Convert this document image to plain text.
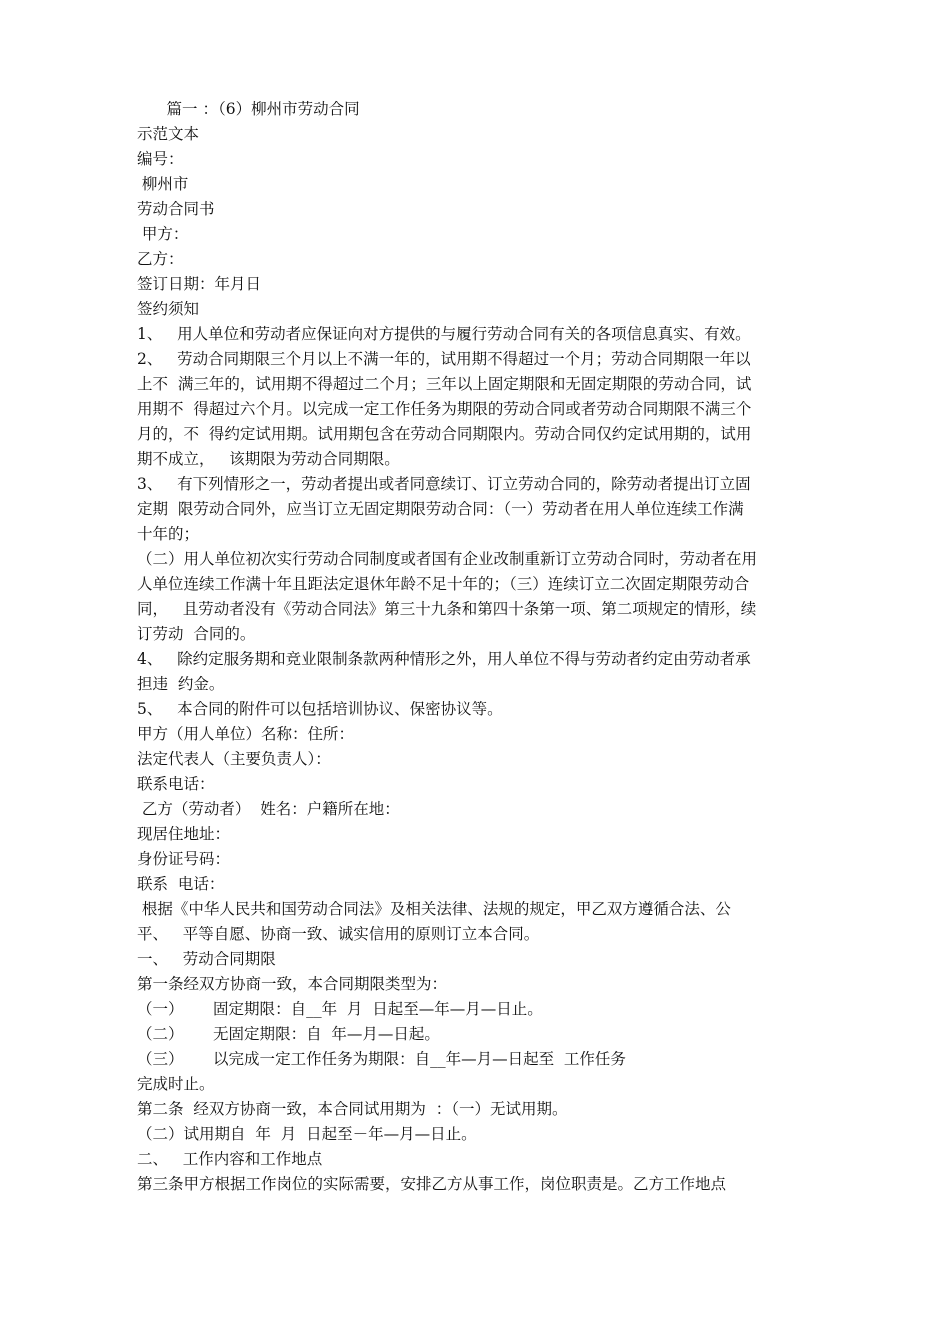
篇一 ：（6）柳州市劳动合同
示范文本
编号：
柳州市
劳动合同书
甲方：
乙方：
签订日期：年月日
签约须知
1、   用人单位和劳动者应保证向对方提供的与履行劳动合同有关的各项信息真实、有效。
2、   劳动合同期限三个月以上不满一年的，试用期不得超过一个月；劳动合同期限一年以
上不  满三年的，试用期不得超过二个月；三年以上固定期限和无固定期限的劳动合同，试
用期不  得超过六个月。以完成一定工作任务为期限的劳动合同或者劳动合同期限不满三个
月的，不  得约定试用期。试用期包含在劳动合同期限内。劳动合同仅约定试用期的，试用
期不成立，   该期限为劳动合同期限。
3、   有下列情形之一，劳动者提出或者同意续订、订立劳动合同的，除劳动者提出订立固
定期  限劳动合同外，应当订立无固定期限劳动合同：（一）劳动者在用人单位连续工作满
十年的；
（二）用人单位初次实行劳动合同制度或者国有企业改制重新订立劳动合同时，劳动者在用
人单位连续工作满十年且距法定退休年龄不足十年的；（三）连续订立二次固定期限劳动合
同，   且劳动者没有《劳动合同法》第三十九条和第四十条第一项、第二项规定的情形，续
订劳动  合同的。
4、   除约定服务期和竞业限制条款两种情形之外，用人单位不得与劳动者约定由劳动者承
担违  约金。
5、   本合同的附件可以包括培训协议、保密协议等。
甲方（用人单位）名称：住所：
法定代表人（主要负责人）：
联系电话：
乙方（劳动者）  姓名：户籍所在地：
现居住地址：
身份证号码：
联系  电话：
根据《中华人民共和国劳动合同法》及相关法律、法规的规定，甲乙双方遵循合法、公
平、   平等自愿、协商一致、诚实信用的原则订立本合同。
一、   劳动合同期限
第一条经双方协商一致，本合同期限类型为：
（一）      固定期限：自__年  月  日起至—年—月—日止。
（二）      无固定期限：自  年—月—日起。
（三）      以完成一定工作任务为期限：自__年—月—日起至  工作任务
完成时止。
第二条  经双方协商一致，本合同试用期为  ：（一）无试用期。
（二）试用期自  年  月  日起至－年—月—日止。
二、   工作内容和工作地点
第三条甲方根据工作岗位的实际需要，安排乙方从事工作，岗位职责是。乙方工作地点
